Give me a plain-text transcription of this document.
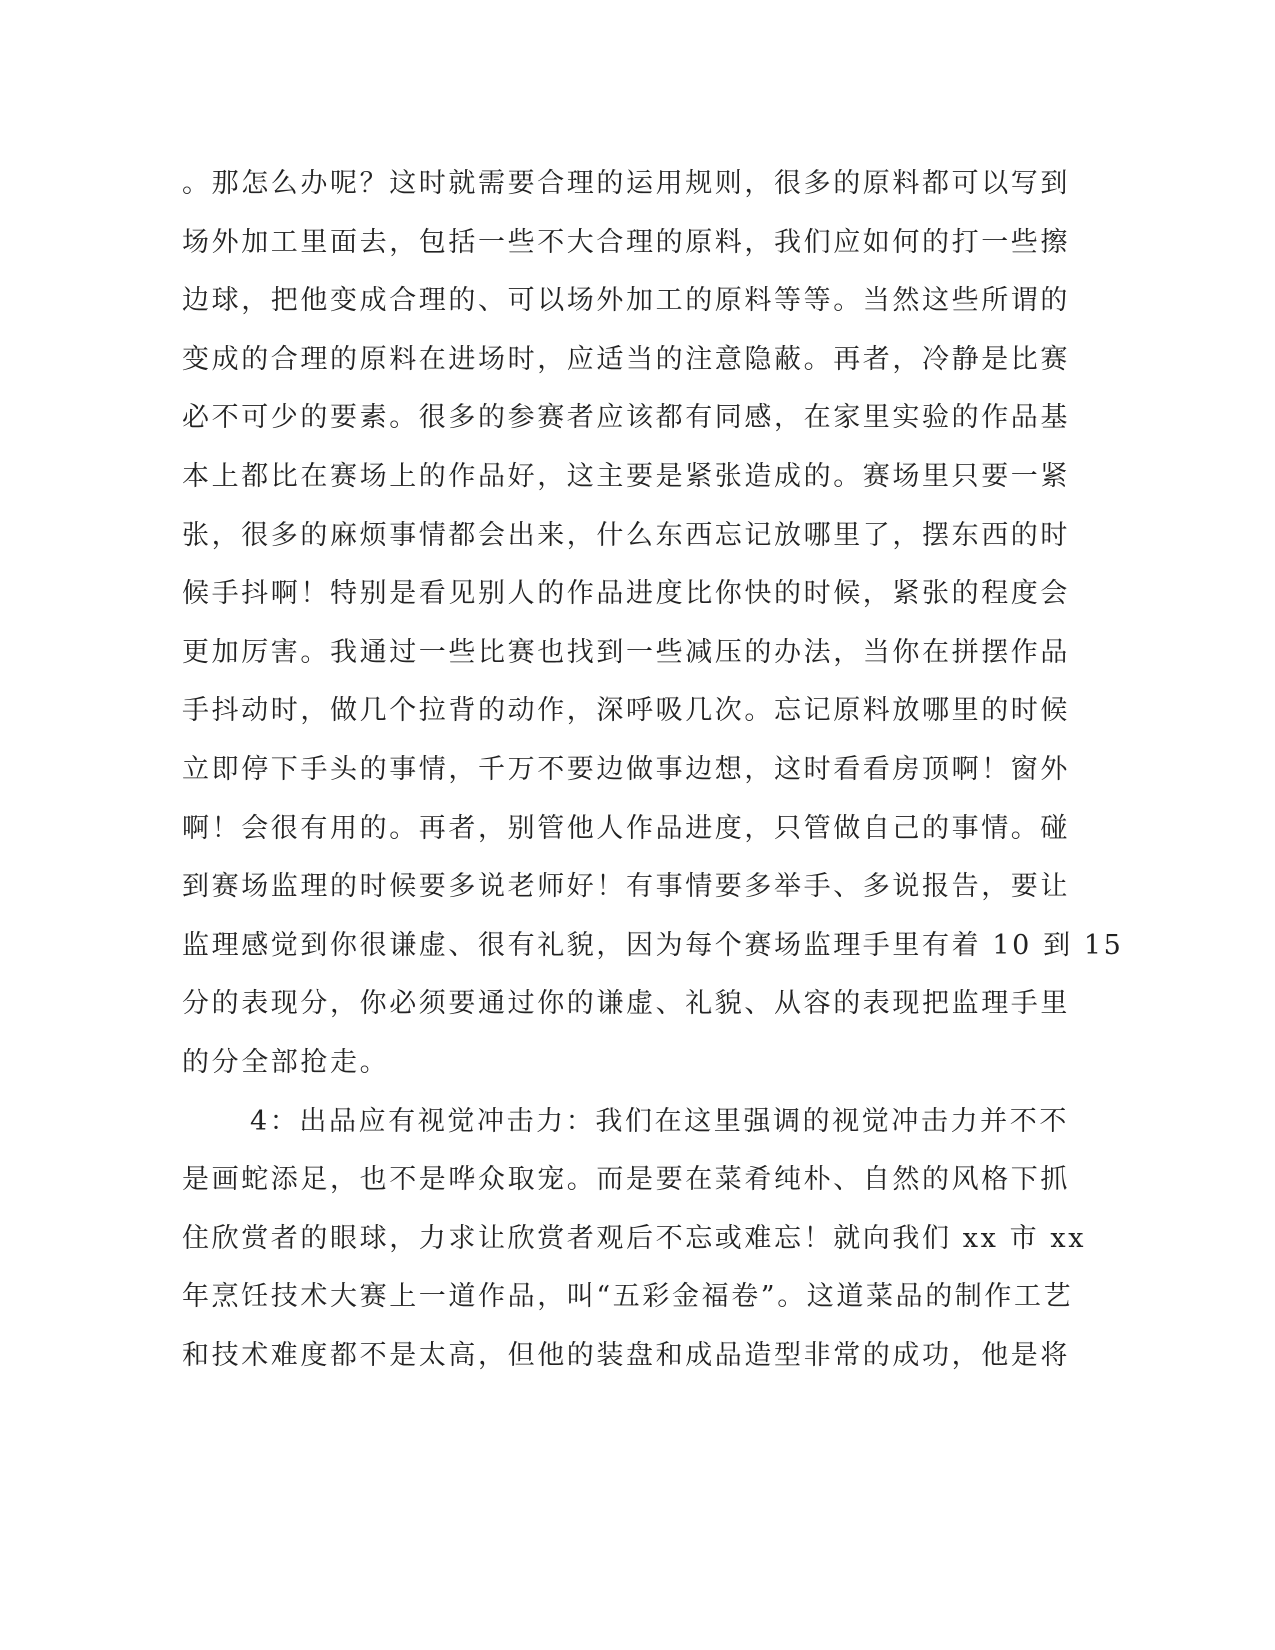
。那怎么办呢？这时就需要合理的运用规则，很多的原料都可以写到
场外加工里面去，包括一些不大合理的原料，我们应如何的打一些擦
边球，把他变成合理的、可以场外加工的原料等等。当然这些所谓的
变成的合理的原料在进场时，应适当的注意隐蔽。再者，冷静是比赛
必不可少的要素。很多的参赛者应该都有同感，在家里实验的作品基
本上都比在赛场上的作品好，这主要是紧张造成的。赛场里只要一紧
张，很多的麻烦事情都会出来，什么东西忘记放哪里了，摆东西的时
候手抖啊！特别是看见别人的作品进度比你快的时候，紧张的程度会
更加厉害。我通过一些比赛也找到一些减压的办法，当你在拼摆作品
手抖动时，做几个拉背的动作，深呼吸几次。忘记原料放哪里的时候
立即停下手头的事情，千万不要边做事边想，这时看看房顶啊！窗外
啊！会很有用的。再者，别管他人作品进度，只管做自己的事情。碰
到赛场监理的时候要多说老师好！有事情要多举手、多说报告，要让
监理感觉到你很谦虚、很有礼貌，因为每个赛场监理手里有着 10 到 15
分的表现分，你必须要通过你的谦虚、礼貌、从容的表现把监理手里
的分全部抢走。
4：出品应有视觉冲击力：我们在这里强调的视觉冲击力并不不
是画蛇添足，也不是哗众取宠。而是要在菜肴纯朴、自然的风格下抓
住欣赏者的眼球，力求让欣赏者观后不忘或难忘！就向我们 xx 市 xx
年烹饪技术大赛上一道作品，叫“五彩金福卷”。这道菜品的制作工艺
和技术难度都不是太高，但他的装盘和成品造型非常的成功，他是将
